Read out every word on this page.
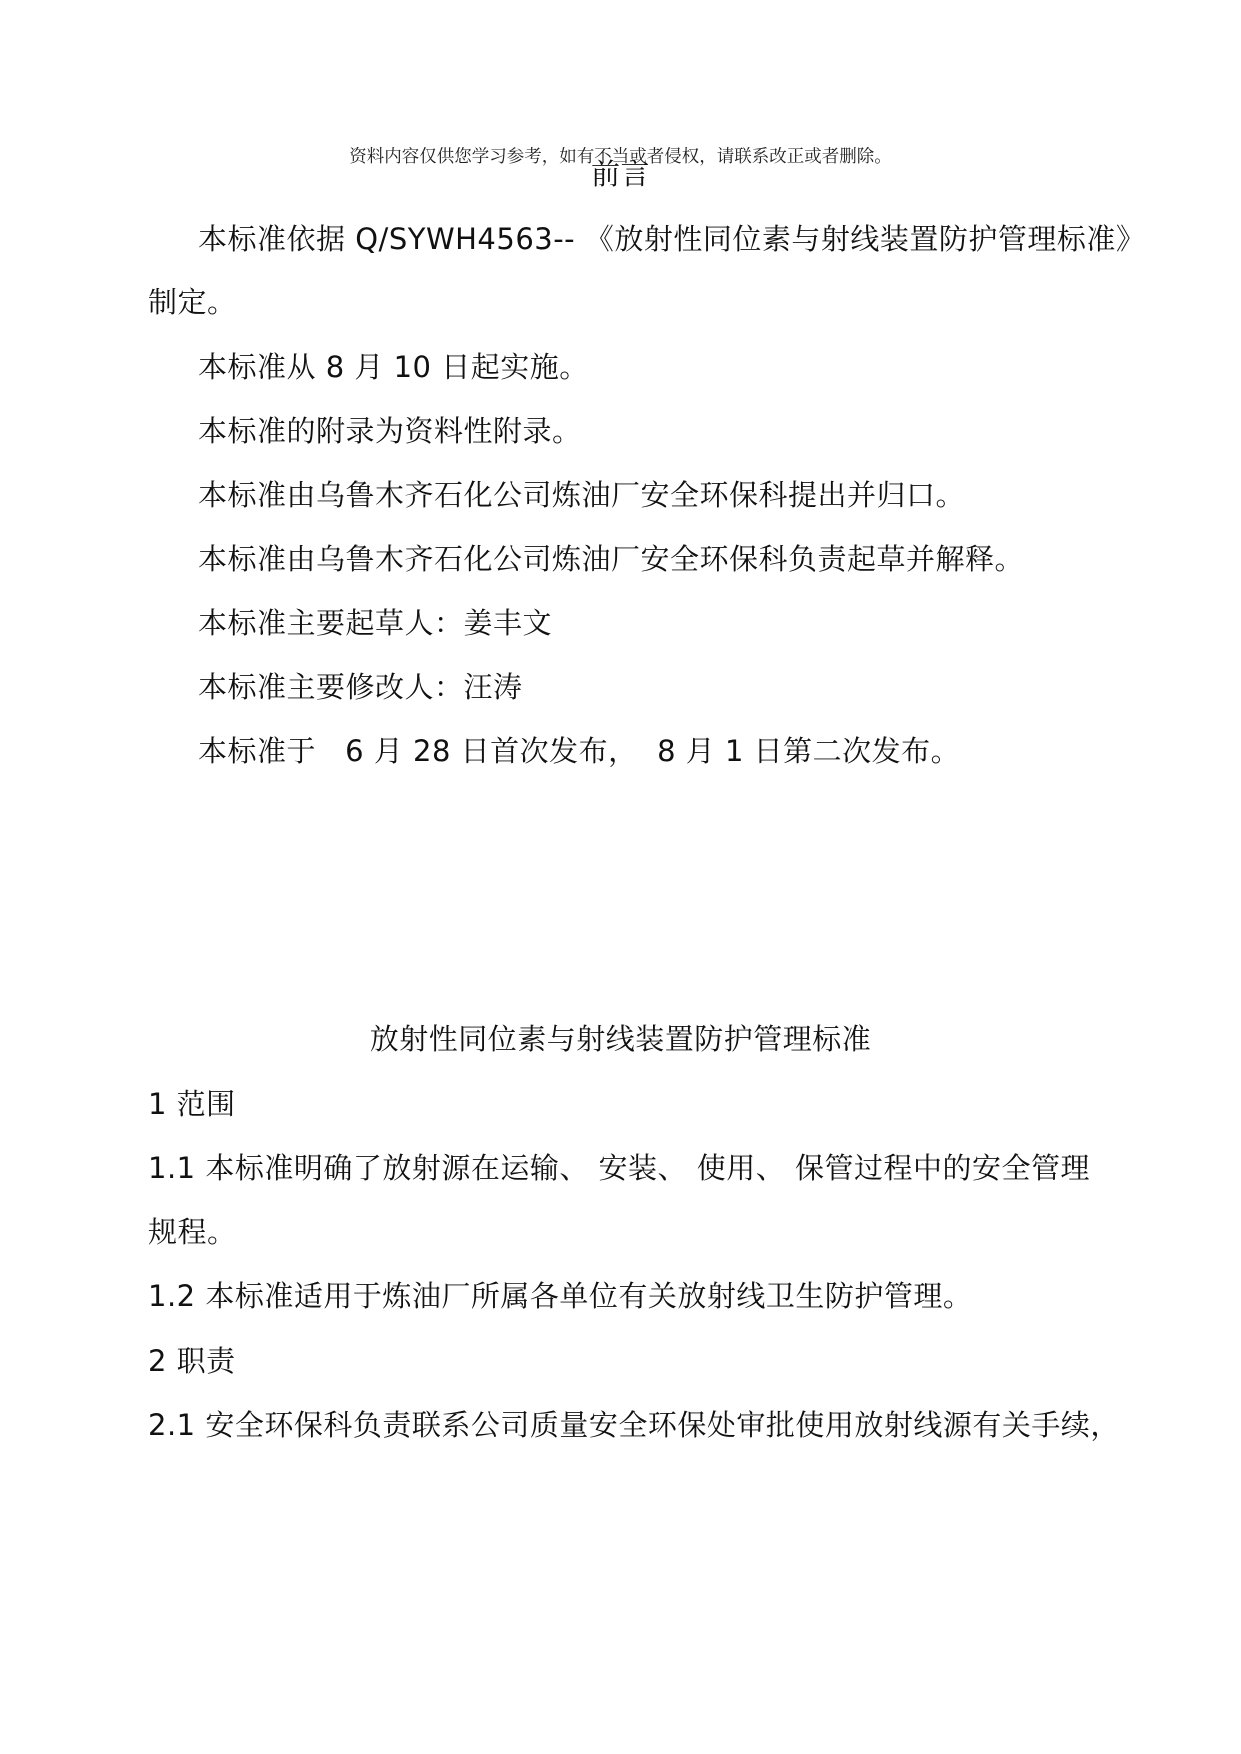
资料内容仅供您学习参考，如有不当或者侵权，请联系改正或者删除。
前言
本标准依据 Q/SYWH4563-- 《放射性同位素与射线装置防护管理标准》
制定。
本标准从 8 月 10 日起实施。
本标准的附录为资料性附录。
本标准由乌鲁木齐石化公司炼油厂安全环保科提出并归口。
本标准由乌鲁木齐石化公司炼油厂安全环保科负责起草并解释。
本标准主要起草人：姜丰文
本标准主要修改人：汪涛
本标准于   6 月 28 日首次发布，  8 月 1 日第二次发布。
放射性同位素与射线装置防护管理标准
1 范围
1.1 本标准明确了放射源在运输、 安装、 使用、 保管过程中的安全管理
规程。
1.2 本标准适用于炼油厂所属各单位有关放射线卫生防护管理。
2 职责
2.1 安全环保科负责联系公司质量安全环保处审批使用放射线源有关手续，
